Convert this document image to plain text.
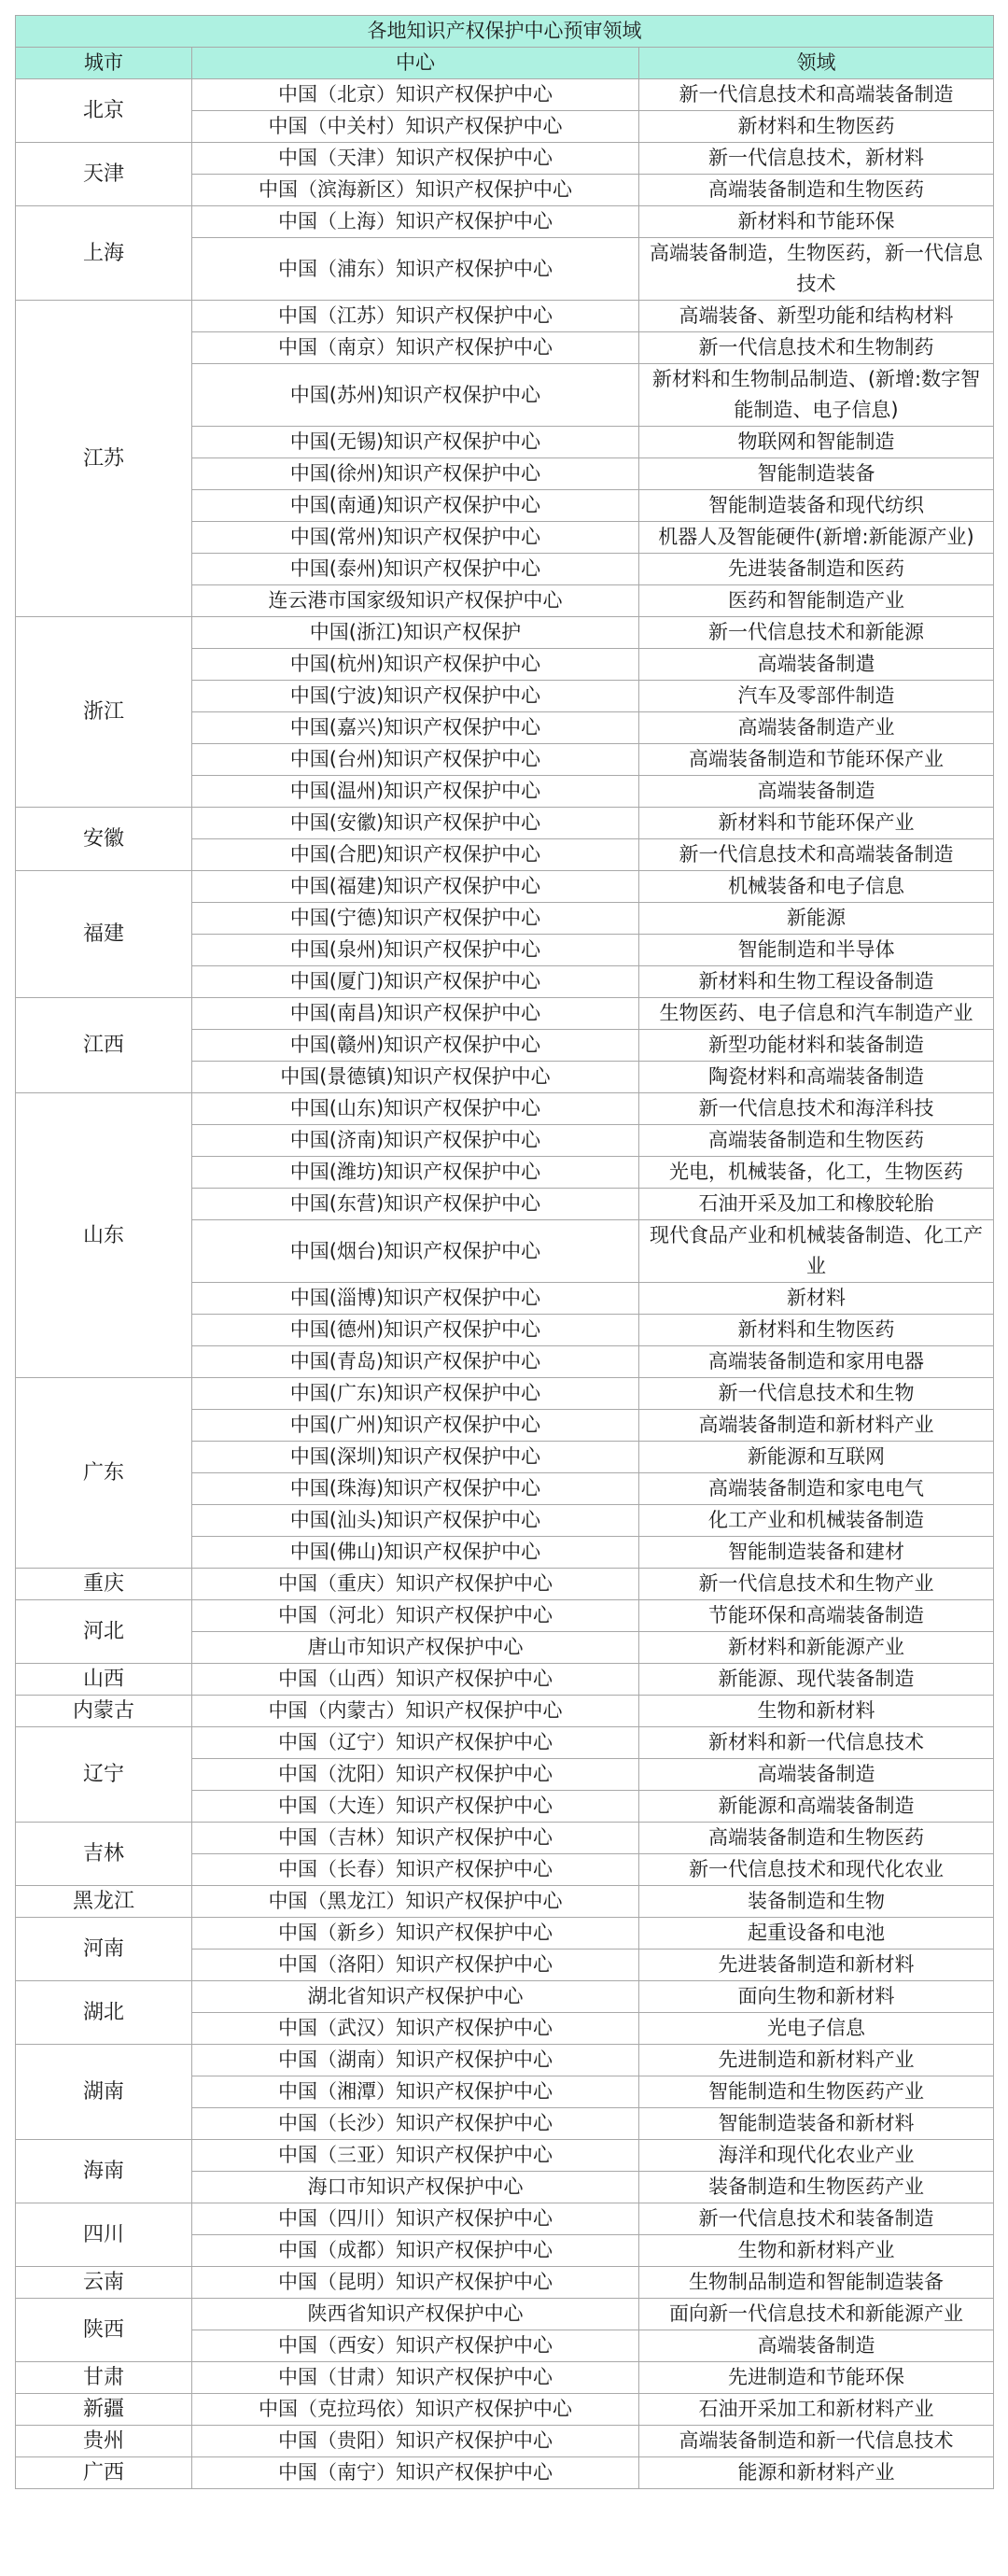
各地知识产权保护中心预审领域		
城市	中心	领域
北京	中国（北京）知识产权保护中心	新一代信息技术和高端装备制造
	中国（中关村）知识产权保护中心	新材料和生物医药
天津	中国（天津）知识产权保护中心	新一代信息技术，新材料
	中国（滨海新区）知识产权保护中心	高端装备制造和生物医药
上海	中国（上海）知识产权保护中心	新材料和节能环保
	中国（浦东）知识产权保护中心	高端装备制造，生物医药，新一代信息技术
江苏	中国（江苏）知识产权保护中心	高端装备、新型功能和结构材料
	中国（南京）知识产权保护中心	新一代信息技术和生物制药
	中国(苏州)知识产权保护中心	新材料和生物制品制造、(新增:数字智能制造、电子信息)
	中国(无锡)知识产权保护中心	物联网和智能制造
	中国(徐州)知识产权保护中心	智能制造装备
	中国(南通)知识产权保护中心	智能制造装备和现代纺织
	中国(常州)知识产权保护中心	机器人及智能硬件(新增:新能源产业)
	中国(泰州)知识产权保护中心	先进装备制造和医药
	连云港市国家级知识产权保护中心	医药和智能制造产业
浙江	中国(浙江)知识产权保护	新一代信息技术和新能源
	中国(杭州)知识产权保护中心	高端装备制遣
	中国(宁波)知识产权保护中心	汽车及零部件制造
	中国(嘉兴)知识产权保护中心	高端装备制造产业
	中国(台州)知识产权保护中心	高端装备制造和节能环保产业
	中国(温州)知识产权保护中心	高端装备制造
安徽	中国(安徽)知识产权保护中心	新材料和节能环保产业
	中国(合肥)知识产权保护中心	新一代信息技术和高端装备制造
福建	中国(福建)知识产权保护中心	机械装备和电子信息
	中国(宁德)知识产权保护中心	新能源
	中国(泉州)知识产权保护中心	智能制造和半导体
	中国(厦门)知识产权保护中心	新材料和生物工程设备制造
江西	中国(南昌)知识产权保护中心	生物医药、电子信息和汽车制造产业
	中国(赣州)知识产权保护中心	新型功能材料和装备制造
	中国(景德镇)知识产权保护中心	陶瓷材料和高端装备制造
山东	中国(山东)知识产权保护中心	新一代信息技术和海洋科技
	中国(济南)知识产权保护中心	高端装备制造和生物医药
	中国(潍坊)知识产权保护中心	光电，机械装备，化工，生物医药
	中国(东营)知识产权保护中心	石油开采及加工和橡胶轮胎
	中国(烟台)知识产权保护中心	现代食品产业和机械装备制造、化工产业
	中国(淄博)知识产权保护中心	新材料
	中国(德州)知识产权保护中心	新材料和生物医药
	中国(青岛)知识产权保护中心	高端装备制造和家用电器
广东	中国(广东)知识产权保护中心	新一代信息技术和生物
	中国(广州)知识产权保护中心	高端装备制造和新材料产业
	中国(深圳)知识产权保护中心	新能源和互联网
	中国(珠海)知识产权保护中心	高端装备制造和家电电气
	中国(汕头)知识产权保护中心	化工产业和机械装备制造
	中国(佛山)知识产权保护中心	智能制造装备和建材
重庆	中国（重庆）知识产权保护中心	新一代信息技术和生物产业
河北	中国（河北）知识产权保护中心	节能环保和高端装备制造
	唐山市知识产权保护中心	新材料和新能源产业
山西	中国（山西）知识产权保护中心	新能源、现代装备制造
内蒙古	中国（内蒙古）知识产权保护中心	生物和新材料
辽宁	中国（辽宁）知识产权保护中心	新材料和新一代信息技术
	中国（沈阳）知识产权保护中心	高端装备制造
	中国（大连）知识产权保护中心	新能源和高端装备制造
吉林	中国（吉林）知识产权保护中心	高端装备制造和生物医药
	中国（长春）知识产权保护中心	新一代信息技术和现代化农业
黑龙江	中国（黑龙江）知识产权保护中心	装备制造和生物
河南	中国（新乡）知识产权保护中心	起重设备和电池
	中国（洛阳）知识产权保护中心	先进装备制造和新材料
湖北	湖北省知识产权保护中心	面向生物和新材料
	中国（武汉）知识产权保护中心	光电子信息
湖南	中国（湖南）知识产权保护中心	先进制造和新材料产业
	中国（湘潭）知识产权保护中心	智能制造和生物医药产业
	中国（长沙）知识产权保护中心	智能制造装备和新材料
海南	中国（三亚）知识产权保护中心	海洋和现代化农业产业
	海口市知识产权保护中心	装备制造和生物医药产业
四川	中国（四川）知识产权保护中心	新一代信息技术和装备制造
	中国（成都）知识产权保护中心	生物和新材料产业
云南	中国（昆明）知识产权保护中心	生物制品制造和智能制造装备
陕西	陕西省知识产权保护中心	面向新一代信息技术和新能源产业
	中国（西安）知识产权保护中心	高端装备制造
甘肃	中国（甘肃）知识产权保护中心	先进制造和节能环保
新疆	中国（克拉玛依）知识产权保护中心	石油开采加工和新材料产业
贵州	中国（贵阳）知识产权保护中心	高端装备制造和新一代信息技术
广西	中国（南宁）知识产权保护中心	能源和新材料产业
